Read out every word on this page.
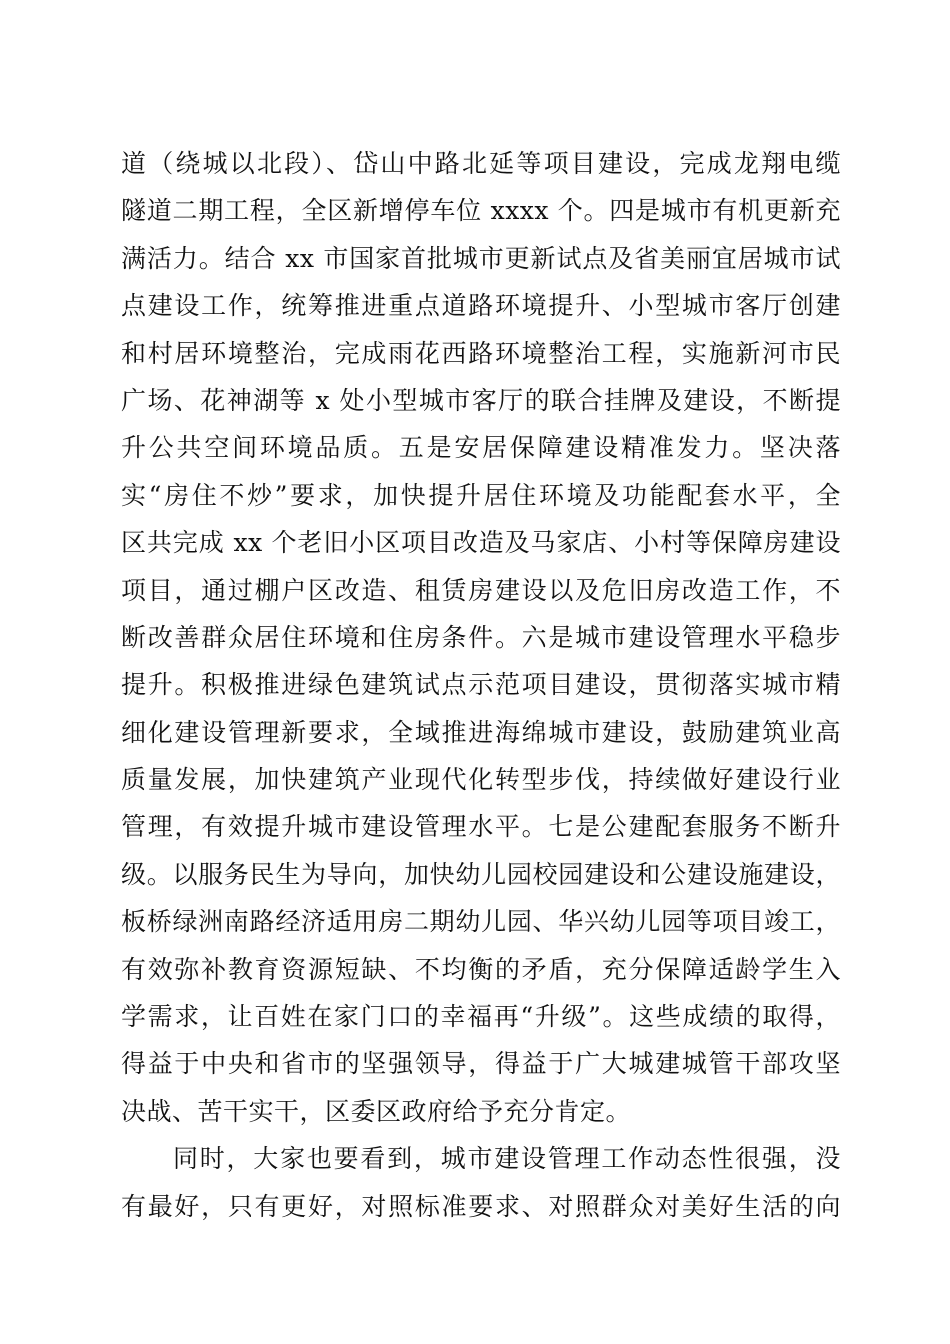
道（绕城以北段）、岱山中路北延等项目建设，完成龙翔电缆
隧道二期工程，全区新增停车位 xxxx 个。四是城市有机更新充
满活力。结合 xx 市国家首批城市更新试点及省美丽宜居城市试
点建设工作，统筹推进重点道路环境提升、小型城市客厅创建
和村居环境整治，完成雨花西路环境整治工程，实施新河市民
广场、花神湖等 x 处小型城市客厅的联合挂牌及建设，不断提
升公共空间环境品质。五是安居保障建设精准发力。坚决落
实“房住不炒”要求，加快提升居住环境及功能配套水平，全
区共完成 xx 个老旧小区项目改造及马家店、小村等保障房建设
项目，通过棚户区改造、租赁房建设以及危旧房改造工作，不
断改善群众居住环境和住房条件。六是城市建设管理水平稳步
提升。积极推进绿色建筑试点示范项目建设，贯彻落实城市精
细化建设管理新要求，全域推进海绵城市建设，鼓励建筑业高
质量发展，加快建筑产业现代化转型步伐，持续做好建设行业
管理，有效提升城市建设管理水平。七是公建配套服务不断升
级。以服务民生为导向，加快幼儿园校园建设和公建设施建设，
板桥绿洲南路经济适用房二期幼儿园、华兴幼儿园等项目竣工，
有效弥补教育资源短缺、不均衡的矛盾，充分保障适龄学生入
学需求，让百姓在家门口的幸福再“升级”。这些成绩的取得，
得益于中央和省市的坚强领导，得益于广大城建城管干部攻坚
决战、苦干实干，区委区政府给予充分肯定。
同时，大家也要看到，城市建设管理工作动态性很强，没
有最好，只有更好，对照标准要求、对照群众对美好生活的向
